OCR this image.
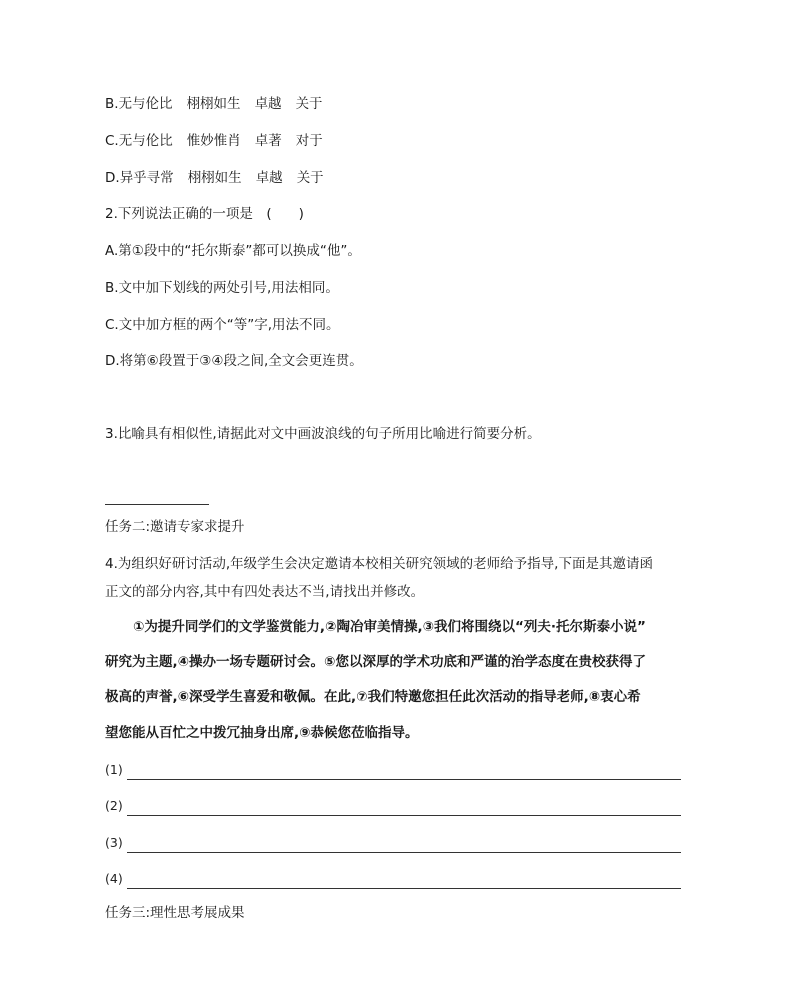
B.无与伦比 栩栩如生 卓越 关于
C.无与伦比 惟妙惟肖 卓著 对于
D.异乎寻常 栩栩如生 卓越 关于
2.下列说法正确的一项是　(　　)
A.第①段中的“托尔斯泰”都可以换成“他”。
B.文中加下划线的两处引号,用法相同。
C.文中加方框的两个“等”字,用法不同。
D.将第⑥段置于③④段之间,全文会更连贯。
3.比喻具有相似性,请据此对文中画波浪线的句子所用比喻进行简要分析。
任务二:邀请专家求提升
4.为组织好研讨活动,年级学生会决定邀请本校相关研究领域的老师给予指导,下面是其邀请函
正文的部分内容,其中有四处表达不当,请找出并修改。
①为提升同学们的文学鉴赏能力,②陶冶审美情操,③我们将围绕以“列夫·托尔斯泰小说”
研究为主题,④操办一场专题研讨会。⑤您以深厚的学术功底和严谨的治学态度在贵校获得了
极高的声誉,⑥深受学生喜爱和敬佩。在此,⑦我们特邀您担任此次活动的指导老师,⑧衷心希
望您能从百忙之中拨冗抽身出席,⑨恭候您莅临指导。
(1)
(2)
(3)
(4)
任务三:理性思考展成果
